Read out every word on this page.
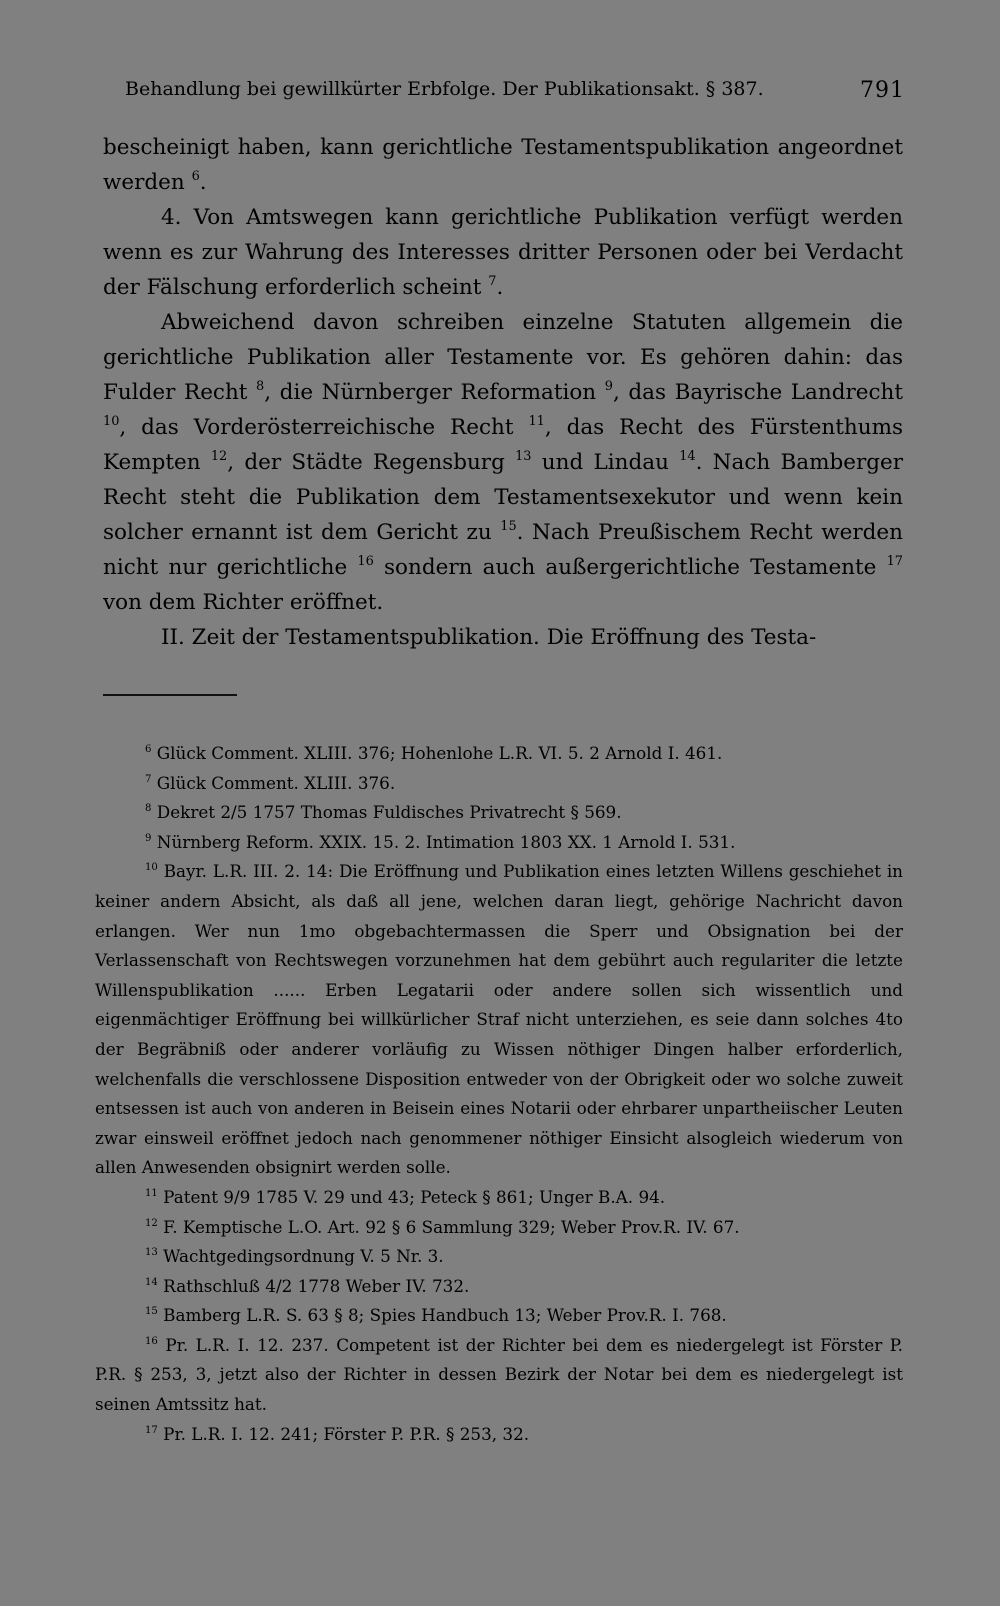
Behandlung bei gewillkürter Erbfolge. Der Publikationsakt. § 387.	791

bescheinigt haben, kann gerichtliche Testamentspublikation angeordnet werden $^6$.

4. Von Amtswegen kann gerichtliche Publikation verfügt werden wenn es zur Wahrung des Interesses dritter Personen oder bei Verdacht der Fälschung erforderlich scheint $^7$.

Abweichend davon schreiben einzelne Statuten allgemein die gerichtliche Publikation aller Testamente vor. Es gehören dahin: das Fulder Recht $^8$, die Nürnberger Reformation $^9$, das Bayrische Landrecht $^{10}$, das Vorderösterreichische Recht $^{11}$, das Recht des Fürstenthums Kempten $^{12}$, der Städte Regensburg $^{13}$ und Lindau $^{14}$. Nach Bamberger Recht steht die Publikation dem Testamentsexekutor und wenn kein solcher ernannt ist dem Gericht zu $^{15}$. Nach Preußischem Recht werden nicht nur gerichtliche $^{16}$ sondern auch außergerichtliche Testamente $^{17}$ von dem Richter eröffnet.

II. Zeit der Testamentspublikation. Die Eröffnung des Testa-

$^6$ Glück Comment. XLIII. 376; Hohenlohe L.R. VI. 5. 2 Arnold I. 461.

$^7$ Glück Comment. XLIII. 376.

$^8$ Dekret 2/5 1757 Thomas Fuldisches Privatrecht § 569.

$^9$ Nürnberg Reform. XXIX. 15. 2. Intimation 1803 XX. 1 Arnold I. 531.

$^{10}$ Bayr. L.R. III. 2. 14: Die Eröffnung und Publikation eines letzten Willens geschiehet in keiner andern Absicht, als daß all jene, welchen daran liegt, gehörige Nachricht davon erlangen. Wer nun 1mo obgebachtermassen die Sperr und Obsignation bei der Verlassenschaft von Rechtswegen vorzunehmen hat dem gebührt auch regulariter die letzte Willenspublikation ...... Erben Legatarii oder andere sollen sich wissentlich und eigenmächtiger Eröffnung bei willkürlicher Straf nicht unterziehen, es seie dann solches 4to der Begräbniß oder anderer vorläufig zu Wissen nöthiger Dingen halber erforderlich, welchenfalls die verschlossene Disposition entweder von der Obrigkeit oder wo solche zuweit entsessen ist auch von anderen in Beisein eines Notarii oder ehrbarer unpartheiischer Leuten zwar einsweil eröffnet jedoch nach genommener nöthiger Einsicht alsogleich wiederum von allen Anwesenden obsignirt werden solle.

$^{11}$ Patent 9/9 1785 V. 29 und 43; Peteck § 861; Unger B.A. 94.

$^{12}$ F. Kemptische L.O. Art. 92 § 6 Sammlung 329; Weber Prov.R. IV. 67.

$^{13}$ Wachtgedingsordnung V. 5 Nr. 3.

$^{14}$ Rathschluß 4/2 1778 Weber IV. 732.

$^{15}$ Bamberg L.R. S. 63 § 8; Spies Handbuch 13; Weber Prov.R. I. 768.

$^{16}$ Pr. L.R. I. 12. 237. Competent ist der Richter bei dem es niedergelegt ist Förster P. P.R. § 253, 3, jetzt also der Richter in dessen Bezirk der Notar bei dem es niedergelegt ist seinen Amtssitz hat.

$^{17}$ Pr. L.R. I. 12. 241; Förster P. P.R. § 253, 32.
